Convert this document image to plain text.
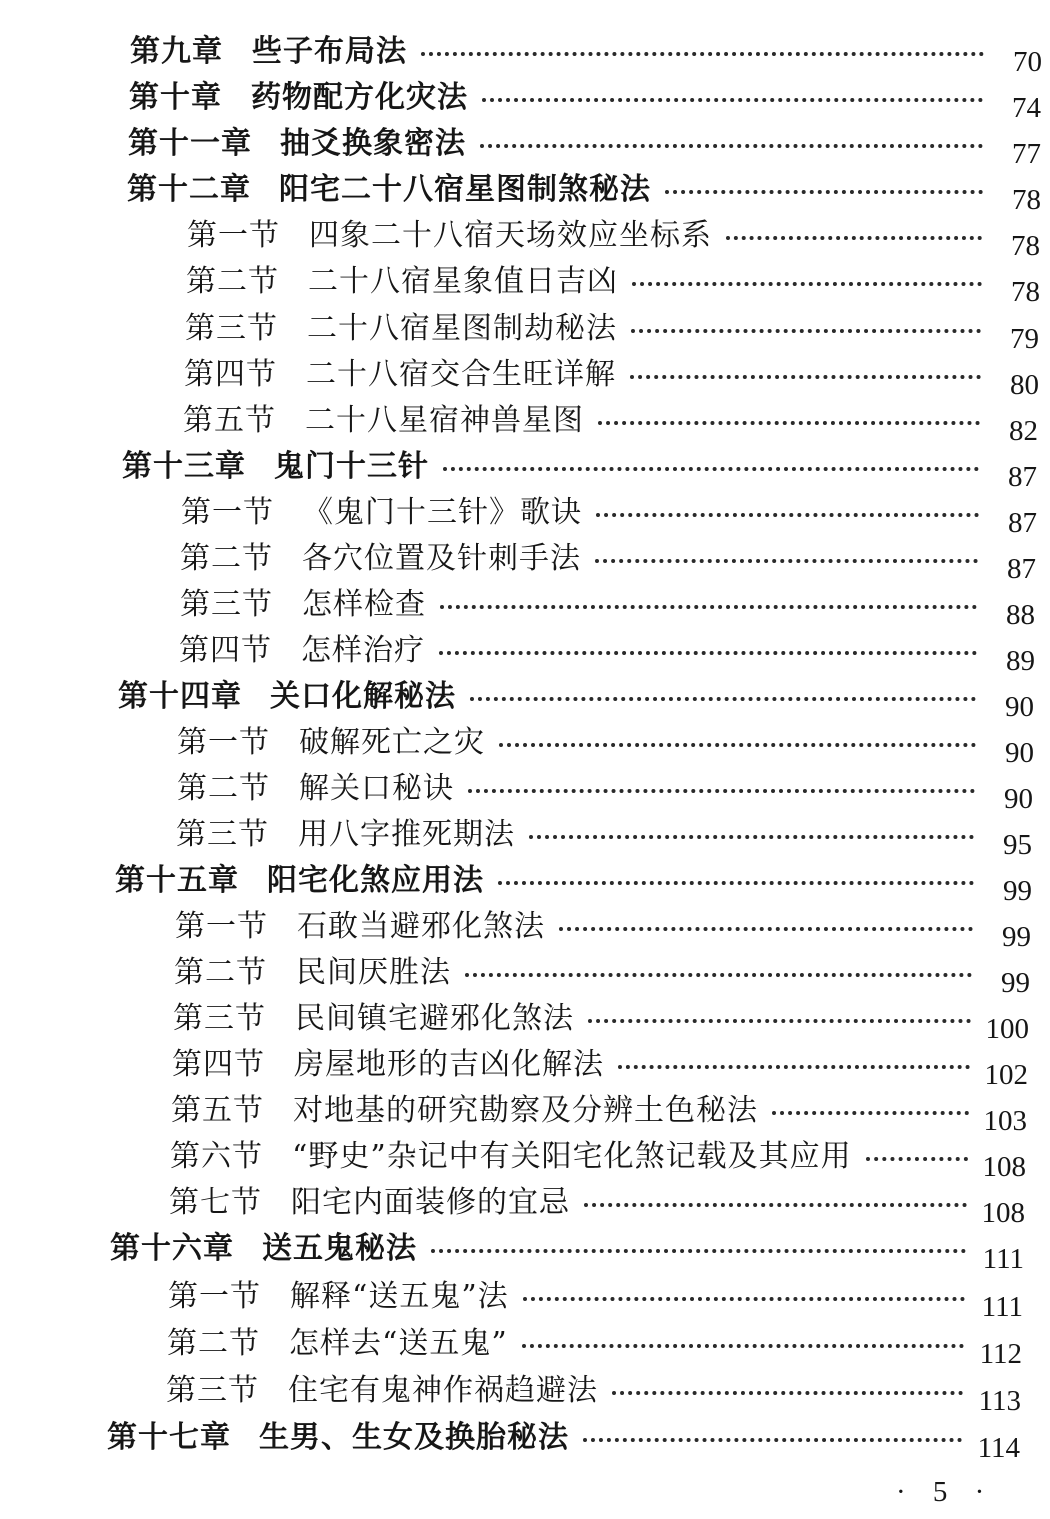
第九章 些子布局法	70
第十章 药物配方化灾法	74
第十一章 抽爻换象密法	77
第十二章 阳宅二十八宿星图制煞秘法	78
第一节 四象二十八宿天场效应坐标系	78
第二节 二十八宿星象值日吉凶	78
第三节 二十八宿星图制劫秘法	79
第四节 二十八宿交合生旺详解	80
第五节 二十八星宿神兽星图	82
第十三章 鬼门十三针	87
第一节 《鬼门十三针》歌诀	87
第二节 各穴位置及针刺手法	87
第三节 怎样检查	88
第四节 怎样治疗	89
第十四章 关口化解秘法	90
第一节 破解死亡之灾	90
第二节 解关口秘诀	90
第三节 用八字推死期法	95
第十五章 阳宅化煞应用法	99
第一节 石敢当避邪化煞法	99
第二节 民间厌胜法	99
第三节 民间镇宅避邪化煞法	100
第四节 房屋地形的吉凶化解法	102
第五节 对地基的研究勘察及分辨土色秘法	103
第六节 “野史”杂记中有关阳宅化煞记载及其应用	108
第七节 阳宅内面装修的宜忌	108
第十六章 送五鬼秘法	111
第一节 解释“送五鬼”法	111
第二节 怎样去“送五鬼”	112
第三节 住宅有鬼神作祸趋避法	113
第十七章 生男、生女及换胎秘法	114
· 5 ·
